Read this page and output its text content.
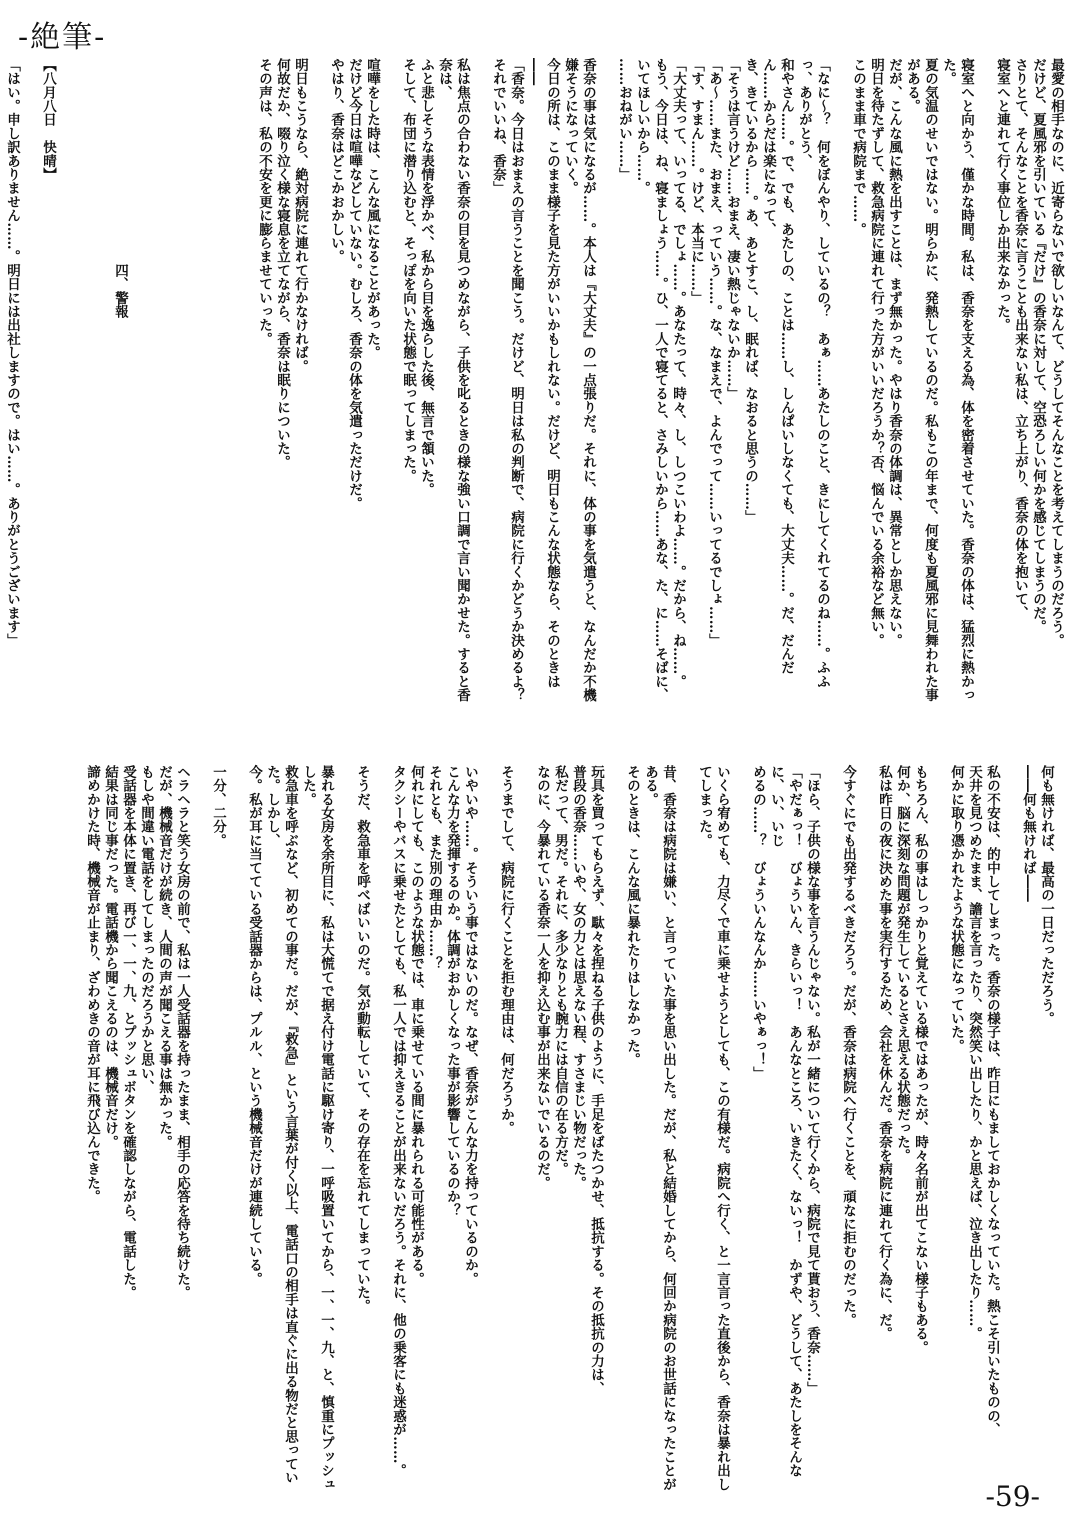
-絶筆-
最愛の相手なのに、近寄らないで欲しいなんて、どうしてそんなことを考えてしまうのだろう。
だけど、夏風邪を引いている『だけ』の香奈に対して、空恐ろしい何かを感じてしまうのだ。
さりとて、そんなことを香奈に言うことも出来ない私は、立ち上がり、香奈の体を抱いて、
寝室へと連れて行く事位しか出来なかった。

寝室へと向かう、僅かな時間。私は、香奈を支える為、体を密着させていた。香奈の体は、猛烈に熱かった。
夏の気温のせいではない。明らかに、発熱しているのだ。私もこの年まで、何度も夏風邪に見舞われた事がある。
だが、こんな風に熱を出すことは、まず無かった。やはり香奈の体調は、異常としか思えない。
明日を待たずして、救急病院に連れて行った方がいいだろうか？否、悩んでいる余裕など無い。
このまま車で病院まで……。

「なに～？　何をぼんやり、しているの？　あぁ……あたしのこと、きにしてくれてるのね……。ふふっ、ありがとう、
和やさん……。で、でも、あたしの、ことは……し、しんぱいしなくても、大丈夫……。だ、だんだん……からだは楽になって、
き、きているから……。あ、あとすこ、し、眠れば、なおると思うの……」
「そうは言うけど……おまえ、凄い熱じゃないか……」
「あ～……また、おまえ、っていう……。な、なまえで、よんでって……いってるでしょ……」
「す、すまん……。けど、本当に……」
「大丈夫って、いってる、でしょ……。あなたって、時々、し、しつこいわよ……。だから、ね……。
もう、今日は、ね、寝ましょう……。ひ、一人で寝てると、さみしいから……あな、た、に……そばに、いてほしいから……。
……おねがい……」

香奈の事は気になるが……。本人は『大丈夫』の一点張りだ。それに、体の事を気遣うと、なんだか不機嫌そうになっていく。
今日の所は、このまま様子を見た方がいいかもしれない。だけど、明日もこんな状態なら、そのときは――
「香奈。今日はおまえの言うことを聞こう。だけど、明日は私の判断で、病院に行くかどうか決めるよ？　それでいいね、香奈」

私は焦点の合わない香奈の目を見つめながら、子供を叱るときの様な強い口調で言い聞かせた。すると香奈は、
ふと悲しそうな表情を浮かべ、私から目を逸らした後、無言で頷いた。
そして、布団に潜り込むと、そっぽを向いた状態で眠ってしまった。

喧嘩をした時は、こんな風になることがあった。
だけど今日は喧嘩などしていない。むしろ、香奈の体を気遣っただけだ。
やはり、香奈はどこかおかしい。

明日もこうなら、絶対病院に連れて行かなければ。
何故だか、啜り泣く様な寝息を立てながら、香奈は眠りについた。
その声は、私の不安を更に膨らませていった。

　　　　　　　　　　　　　　　四、警報

【八月八日　快晴】

「はい。申し訳ありません……。明日には出社しますので。はい……。ありがとうございます」

何も無ければ、最高の一日だっただろう。
――何も無ければ――

私の不安は、的中してしまった。香奈の様子は、昨日にもましておかしくなっていた。熱こそ引いたものの、
天井を見つめたまま、譫言を言ったり、突然笑い出したり、かと思えば、泣き出したり……。
何かに取り憑かれたような状態になっていた。

もちろん、私の事はしっかりと覚えている様ではあったが、時々名前が出てこない様子もある。
何か、脳に深刻な問題が発生しているとさえ思える状態だった。
私は昨日の夜に決めた事を実行するため、会社を休んだ。香奈を病院に連れて行く為に、だ。

今すぐにでも出発するべきだろう。だが、香奈は病院へ行くことを、頑なに拒むのだった。

「ほら、子供の様な事を言うんじゃない。私が一緒について行くから、病院で見て貰おう、香奈……」
「やだぁっ！　びょういん、きらいっ！　あんなところ、いきたく、ないっ！　かずや、どうして、あたしをそんなに、い、いじ
めるの……？　びょういんなんか……いやぁっ！」

いくら宥めても、力尽くで車に乗せようとしても、この有様だ。病院へ行く、と一言言った直後から、香奈は暴れ出してしまった。

昔、香奈は病院は嫌い、と言っていた事を思い出した。だが、私と結婚してから、何回か病院のお世話になったことがある。
そのときは、こんな風に暴れたりはしなかった。

玩具を買ってもらえず、駄々を捏ねる子供のように、手足をばたつかせ、抵抗する。その抵抗の力は、
普段の香奈……いや、女の力とは思えない程、すさまじい物だった。
私だって、男だ。それに、多少なりとも腕力には自信の在る方だ。
なのに、今暴れている香奈一人を抑え込む事が出来ないでいるのだ。

そうまでして、病院に行くことを拒む理由は、何だろうか。

いやいや……。そういう事ではないのだ。なぜ、香奈がこんな力を持っているのか。
こんな力を発揮するのか。体調がおかしくなった事が影響しているのか？
それとも、また別の理由か……？
何れにしても、このような状態では、車に乗せている間に暴れられる可能性がある。
タクシーやバスに乗せたとしても、私一人では抑えきることが出来ないだろう。それに、他の乗客にも迷惑が……。

そうだ、救急車を呼べばいいのだ。気が動転していて、その存在を忘れてしまっていた。

暴れる女房を余所目に、私は大慌てで据え付け電話に駆け寄り、一呼吸置いてから、一、一、九、と、慎重にプッシュした。
救急車を呼ぶなど、初めての事だ。だが、『救急』という言葉が付く以上、電話口の相手は直ぐに出る物だと思っていた。しかし、
今。私が耳に当てている受話器からは、プルル、という機械音だけが連続している。

一分、二分。

ヘラヘラと笑う女房の前で、私は一人受話器を持ったまま、相手の応答を待ち続けた。
だが、機械音だけが続き、人間の声が聞こえる事は無かった。
もしや間違い電話をしてしまったのだろうかと思い、
受話器を本体に置き、再び一、一、九、とプッシュボタンを確認しながら、電話した。
結果は同じ事だった。電話機から聞こえるのは、機械音だけ。
諦めかけた時、機械音が止まり、ざわめきの音が耳に飛び込んできた。
-59-
